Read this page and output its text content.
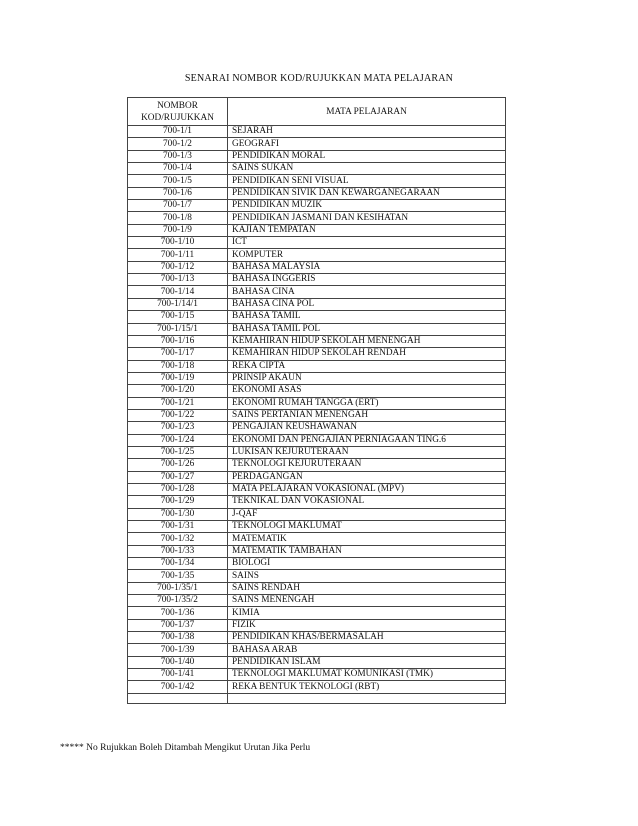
SENARAI NOMBOR KOD/RUJUKKAN MATA PELAJARAN
NOMBOR
KOD/RUJUKKAN	MATA PELAJARAN
700-1/1	SEJARAH
700-1/2	GEOGRAFI
700-1/3	PENDIDIKAN MORAL
700-1/4	SAINS SUKAN
700-1/5	PENDIDIKAN SENI VISUAL
700-1/6	PENDIDIKAN SIVIK DAN KEWARGANEGARAAN
700-1/7	PENDIDIKAN MUZIK
700-1/8	PENDIDIKAN JASMANI DAN KESIHATAN
700-1/9	KAJIAN TEMPATAN
700-1/10	ICT
700-1/11	KOMPUTER
700-1/12	BAHASA MALAYSIA
700-1/13	BAHASA INGGERIS
700-1/14	BAHASA CINA
700-1/14/1	BAHASA CINA POL
700-1/15	BAHASA TAMIL
700-1/15/1	BAHASA TAMIL POL
700-1/16	KEMAHIRAN HIDUP SEKOLAH MENENGAH
700-1/17	KEMAHIRAN HIDUP SEKOLAH RENDAH
700-1/18	REKA CIPTA
700-1/19	PRINSIP AKAUN
700-1/20	EKONOMI ASAS
700-1/21	EKONOMI RUMAH TANGGA (ERT)
700-1/22	SAINS PERTANIAN MENENGAH
700-1/23	PENGAJIAN KEUSHAWANAN
700-1/24	EKONOMI DAN PENGAJIAN PERNIAGAAN TING.6
700-1/25	LUKISAN KEJURUTERAAN
700-1/26	TEKNOLOGI KEJURUTERAAN
700-1/27	PERDAGANGAN
700-1/28	MATA PELAJARAN VOKASIONAL (MPV)
700-1/29	TEKNIKAL DAN VOKASIONAL
700-1/30	J-QAF
700-1/31	TEKNOLOGI MAKLUMAT
700-1/32	MATEMATIK
700-1/33	MATEMATIK TAMBAHAN
700-1/34	BIOLOGI
700-1/35	SAINS
700-1/35/1	SAINS RENDAH
700-1/35/2	SAINS MENENGAH
700-1/36	KIMIA
700-1/37	FIZIK
700-1/38	PENDIDIKAN KHAS/BERMASALAH
700-1/39	BAHASA ARAB
700-1/40	PENDIDIKAN ISLAM
700-1/41	TEKNOLOGI MAKLUMAT KOMUNIKASI (TMK)
700-1/42	REKA BENTUK TEKNOLOGI (RBT)

***** No Rujukkan Boleh Ditambah Mengikut Urutan Jika Perlu
